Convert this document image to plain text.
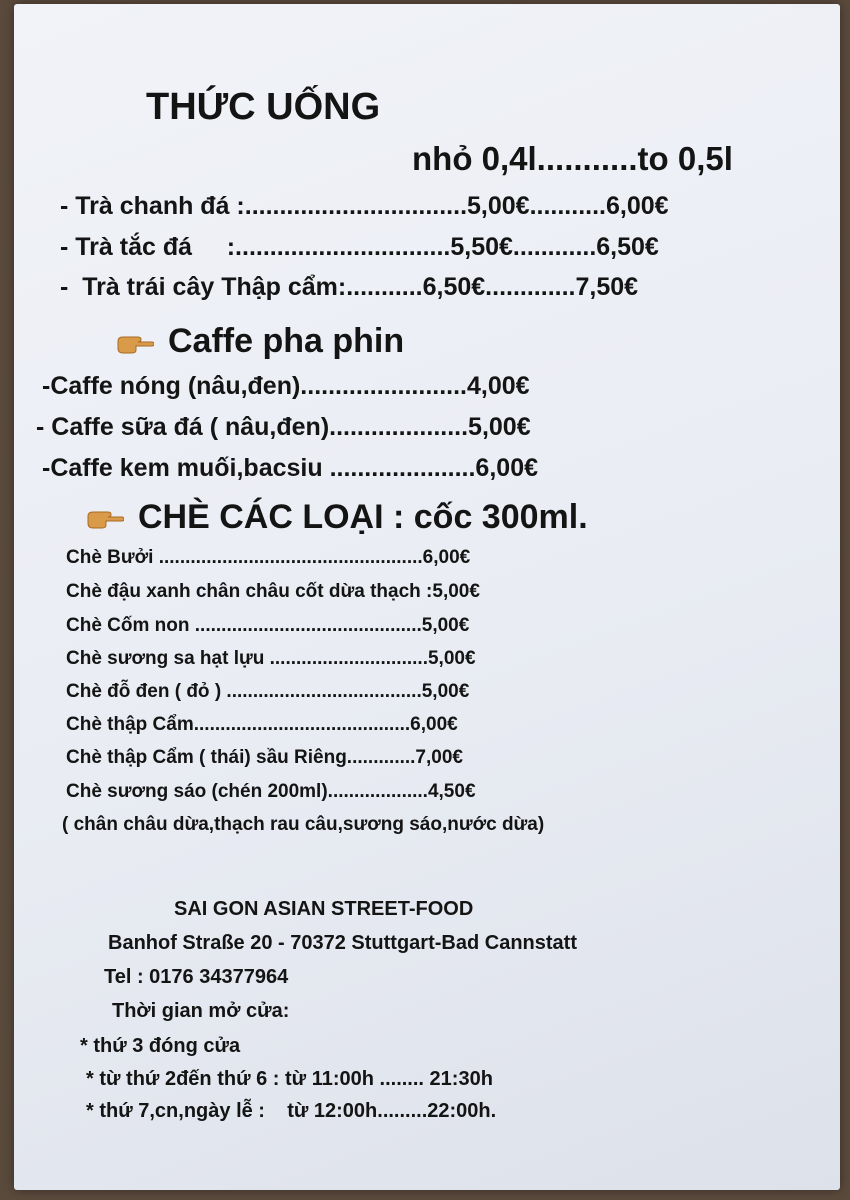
THỨC UỐNG
nhỏ 0,4l...........to 0,5l
- Trà chanh đá :................................5,00€...........6,00€
- Trà tắc đá     :...............................5,50€............6,50€
-  Trà trái cây Thập cẩm:...........6,50€.............7,50€
Caffe pha phin
-Caffe nóng (nâu,đen)........................4,00€
- Caffe sữa đá ( nâu,đen)....................5,00€
-Caffe kem muối,bacsiu .....................6,00€
CHÈ CÁC LOẠI : cốc 300ml.
Chè Bưởi ..................................................6,00€
Chè đậu xanh chân châu cốt dừa thạch :5,00€
Chè Cốm non ...........................................5,00€
Chè sương sa hạt lựu ..............................5,00€
Chè đỗ đen ( đỏ ) .....................................5,00€
Chè thập Cẩm.........................................6,00€
Chè thập Cẩm ( thái) sầu Riêng.............7,00€
Chè sương sáo (chén 200ml)...................4,50€
( chân châu dừa,thạch rau câu,sương sáo,nước dừa)
SAI GON ASIAN STREET-FOOD
Banhof Straße 20 - 70372 Stuttgart-Bad Cannstatt
Tel : 0176 34377964
Thời gian mở cửa:
* thứ 3 đóng cửa
* từ thứ 2đến thứ 6 : từ 11:00h ........ 21:30h
* thứ 7,cn,ngày lễ :    từ 12:00h.........22:00h.
